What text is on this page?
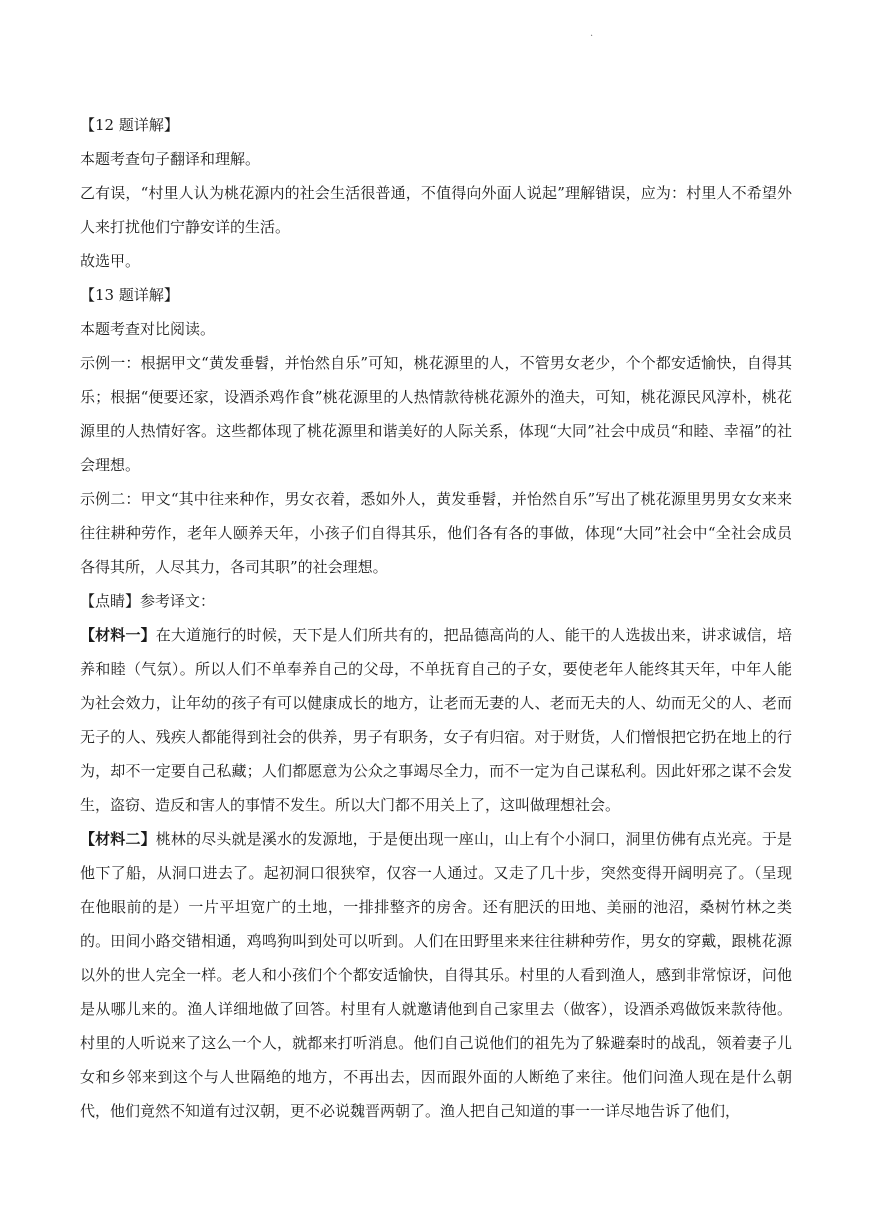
.

【12 题详解】

本题考查句子翻译和理解。

乙有误，“村里人认为桃花源内的社会生活很普通，不值得向外面人说起”理解错误，应为：村里人不希望外人来打扰他们宁静安详的生活。

故选甲。

【13 题详解】

本题考查对比阅读。

示例一：根据甲文“黄发垂髫，并怡然自乐”可知，桃花源里的人，不管男女老少，个个都安适愉快，自得其乐；根据“便要还家，设酒杀鸡作食”桃花源里的人热情款待桃花源外的渔夫，可知，桃花源民风淳朴，桃花源里的人热情好客。这些都体现了桃花源里和谐美好的人际关系，体现“大同”社会中成员“和睦、幸福”的社会理想。

示例二：甲文“其中往来种作，男女衣着，悉如外人，黄发垂髫，并怡然自乐”写出了桃花源里男男女女来来往往耕种劳作，老年人颐养天年，小孩子们自得其乐，他们各有各的事做，体现“大同”社会中“全社会成员各得其所，人尽其力，各司其职”的社会理想。

【点睛】参考译文：

【材料一】在大道施行的时候，天下是人们所共有的，把品德高尚的人、能干的人选拔出来，讲求诚信，培养和睦（气氛）。所以人们不单奉养自己的父母，不单抚育自己的子女，要使老年人能终其天年，中年人能为社会效力，让年幼的孩子有可以健康成长的地方，让老而无妻的人、老而无夫的人、幼而无父的人、老而无子的人、残疾人都能得到社会的供养，男子有职务，女子有归宿。对于财货，人们憎恨把它扔在地上的行为，却不一定要自己私藏；人们都愿意为公众之事竭尽全力，而不一定为自己谋私利。因此奸邪之谋不会发生，盗窃、造反和害人的事情不发生。所以大门都不用关上了，这叫做理想社会。

【材料二】桃林的尽头就是溪水的发源地，于是便出现一座山，山上有个小洞口，洞里仿佛有点光亮。于是他下了船，从洞口进去了。起初洞口很狭窄，仅容一人通过。又走了几十步，突然变得开阔明亮了。（呈现在他眼前的是）一片平坦宽广的土地，一排排整齐的房舍。还有肥沃的田地、美丽的池沼，桑树竹林之类的。田间小路交错相通，鸡鸣狗叫到处可以听到。人们在田野里来来往往耕种劳作，男女的穿戴，跟桃花源以外的世人完全一样。老人和小孩们个个都安适愉快，自得其乐。村里的人看到渔人，感到非常惊讶，问他是从哪儿来的。渔人详细地做了回答。村里有人就邀请他到自己家里去（做客），设酒杀鸡做饭来款待他。村里的人听说来了这么一个人，就都来打听消息。他们自己说他们的祖先为了躲避秦时的战乱，领着妻子儿女和乡邻来到这个与人世隔绝的地方，不再出去，因而跟外面的人断绝了来往。他们问渔人现在是什么朝代，他们竟然不知道有过汉朝，更不必说魏晋两朝了。渔人把自己知道的事一一详尽地告诉了他们，
